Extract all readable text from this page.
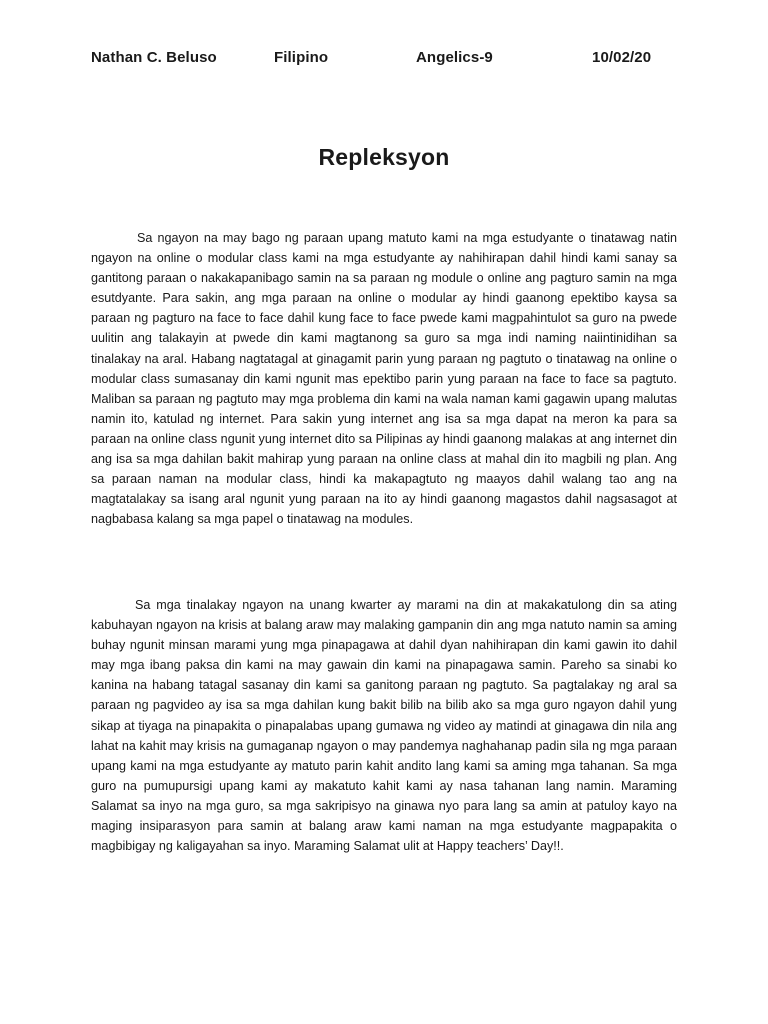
Nathan C. Beluso	Filipino	Angelics-9	10/02/20
Repleksyon

Sa ngayon na may bago ng paraan upang matuto kami na mga estudyante o tinatawag natin ngayon na online o modular class kami na mga estudyante ay nahihirapan dahil hindi kami sanay sa gantitong paraan o nakakapanibago samin na sa paraan ng module o online ang pagturo samin na mga esutdyante. Para sakin, ang mga paraan na online o modular ay hindi gaanong epektibo kaysa sa paraan ng pagturo na face to face dahil kung face to face pwede kami magpahintulot sa guro na pwede uulitin ang talakayin at pwede din kami magtanong sa guro sa mga indi naming naiintinidihan sa tinalakay na aral. Habang nagtatagal at ginagamit parin yung paraan ng pagtuto o tinatawag na online o modular class sumasanay din kami ngunit mas epektibo parin yung paraan na face to face sa pagtuto. Maliban sa paraan ng pagtuto may mga problema din kami na wala naman kami gagawin upang malutas namin ito, katulad ng internet. Para sakin yung internet ang isa sa mga dapat na meron ka para sa paraan na online class ngunit yung internet dito sa Pilipinas ay hindi gaanong malakas at ang internet din ang isa sa mga dahilan bakit mahirap yung paraan na online class at mahal din ito magbili ng plan. Ang sa paraan naman na modular class, hindi ka makapagtuto ng maayos dahil walang tao ang na magtatalakay sa isang aral ngunit yung paraan na ito ay hindi gaanong magastos dahil nagsasagot at nagbabasa kalang sa mga papel o tinatawag na modules.

Sa mga tinalakay ngayon na unang kwarter ay marami na din at makakatulong din sa ating kabuhayan ngayon na krisis at balang araw may malaking gampanin din ang mga natuto namin sa aming buhay ngunit minsan marami yung mga pinapagawa at dahil dyan nahihirapan din kami gawin ito dahil may mga ibang paksa din kami na may gawain din kami na pinapagawa samin. Pareho sa sinabi ko kanina na habang tatagal sasanay din kami sa ganitong paraan ng pagtuto. Sa pagtalakay ng aral sa paraan ng pagvideo ay isa sa mga dahilan kung bakit bilib na bilib ako sa mga guro ngayon dahil yung sikap at tiyaga na pinapakita o pinapalabas upang gumawa ng video ay matindi at ginagawa din nila ang lahat na kahit may krisis na gumaganap ngayon o may pandemya naghahanap padin sila ng mga paraan upang kami na mga estudyante ay matuto parin kahit andito lang kami sa aming mga tahanan. Sa mga guro na pumupursigi upang kami ay makatuto kahit kami ay nasa tahanan lang namin. Maraming Salamat sa inyo na mga guro, sa mga sakripisyo na ginawa nyo para lang sa amin at patuloy kayo na maging insiparasyon para samin at balang araw kami naman na mga estudyante magpapakita o magbibigay ng kaligayahan sa inyo. Maraming Salamat ulit at Happy teachers’ Day!!.
